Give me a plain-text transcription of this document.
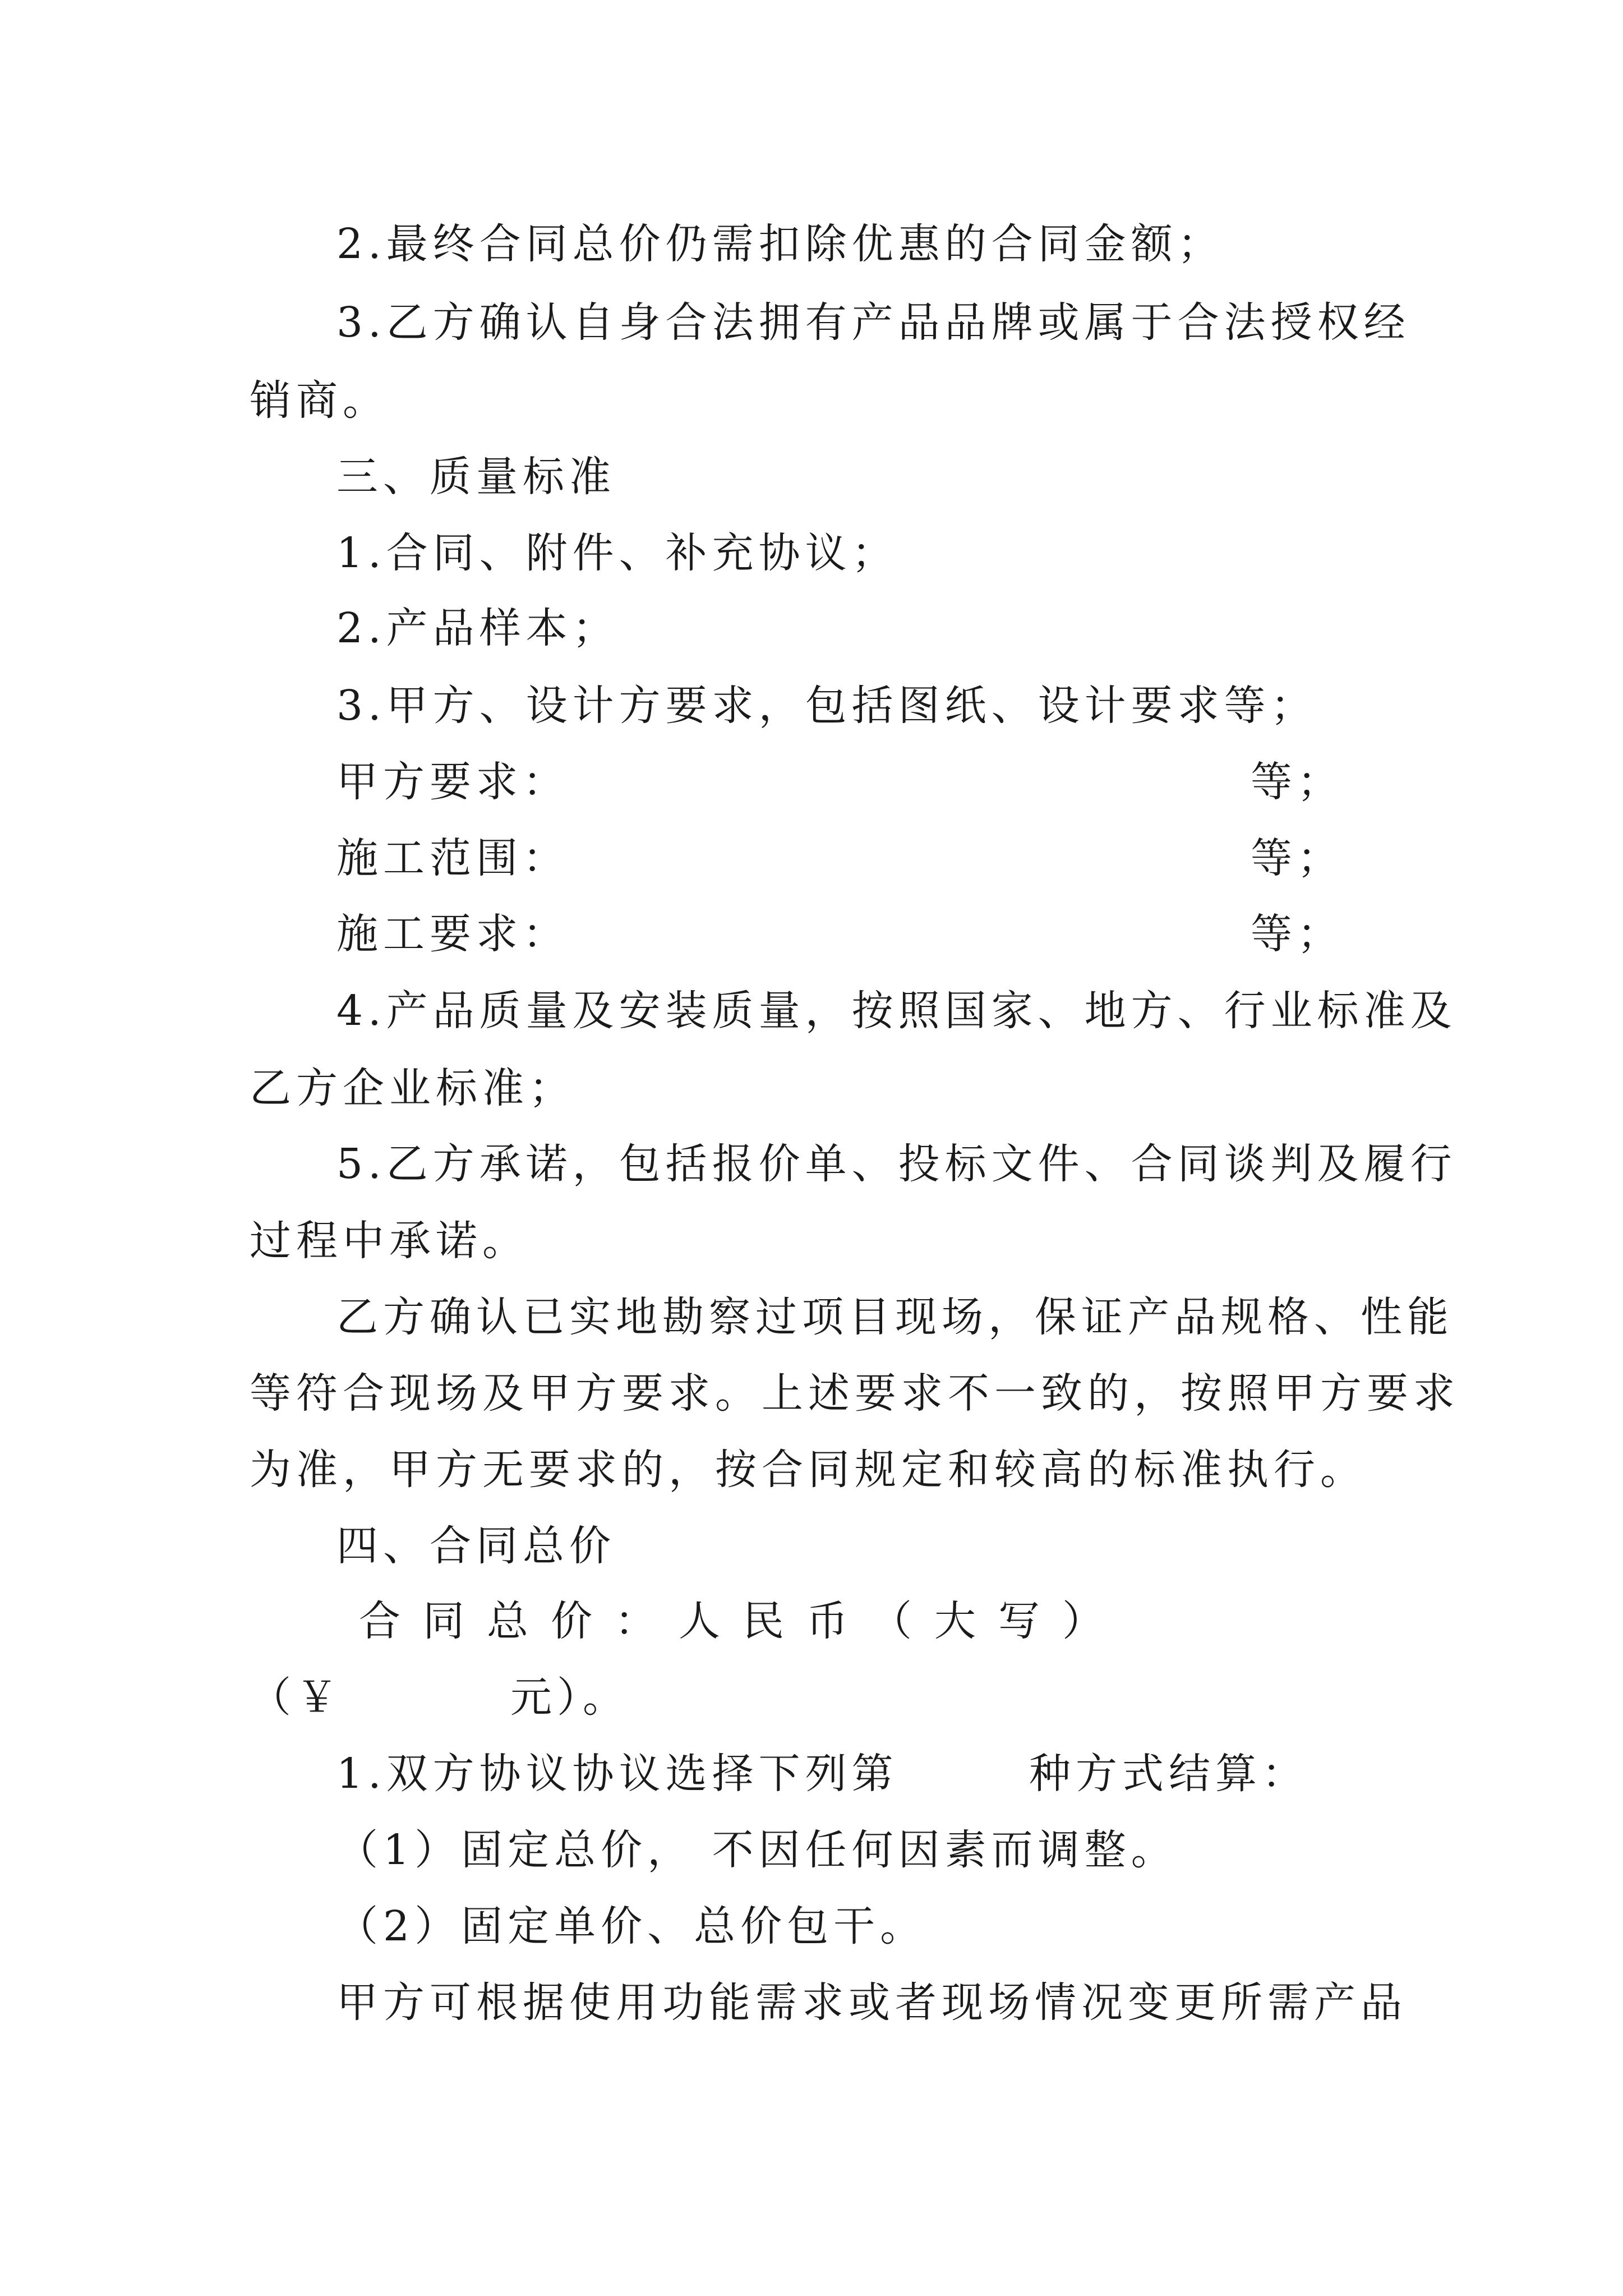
2.最终合同总价仍需扣除优惠的合同金额；
3.乙方确认自身合法拥有产品品牌或属于合法授权经
销商。
三、质量标准
1.合同、附件、补充协议；
2.产品样本；
3.甲方、设计方要求，包括图纸、设计要求等；
甲方要求：	等；
施工范围：	等；
施工要求：	等；
4.产品质量及安装质量，按照国家、地方、行业标准及
乙方企业标准；
5.乙方承诺，包括报价单、投标文件、合同谈判及履行
过程中承诺。
乙方确认已实地勘察过项目现场，保证产品规格、性能
等符合现场及甲方要求。上述要求不一致的，按照甲方要求
为准，甲方无要求的，按合同规定和较高的标准执行。
四、合同总价
合同总价：人民币（大写）
（￥	元）。
1.双方协议协议选择下列第	种方式结算：
（1）固定总价， 不因任何因素而调整。
（2）固定单价、总价包干。
甲方可根据使用功能需求或者现场情况变更所需产品
